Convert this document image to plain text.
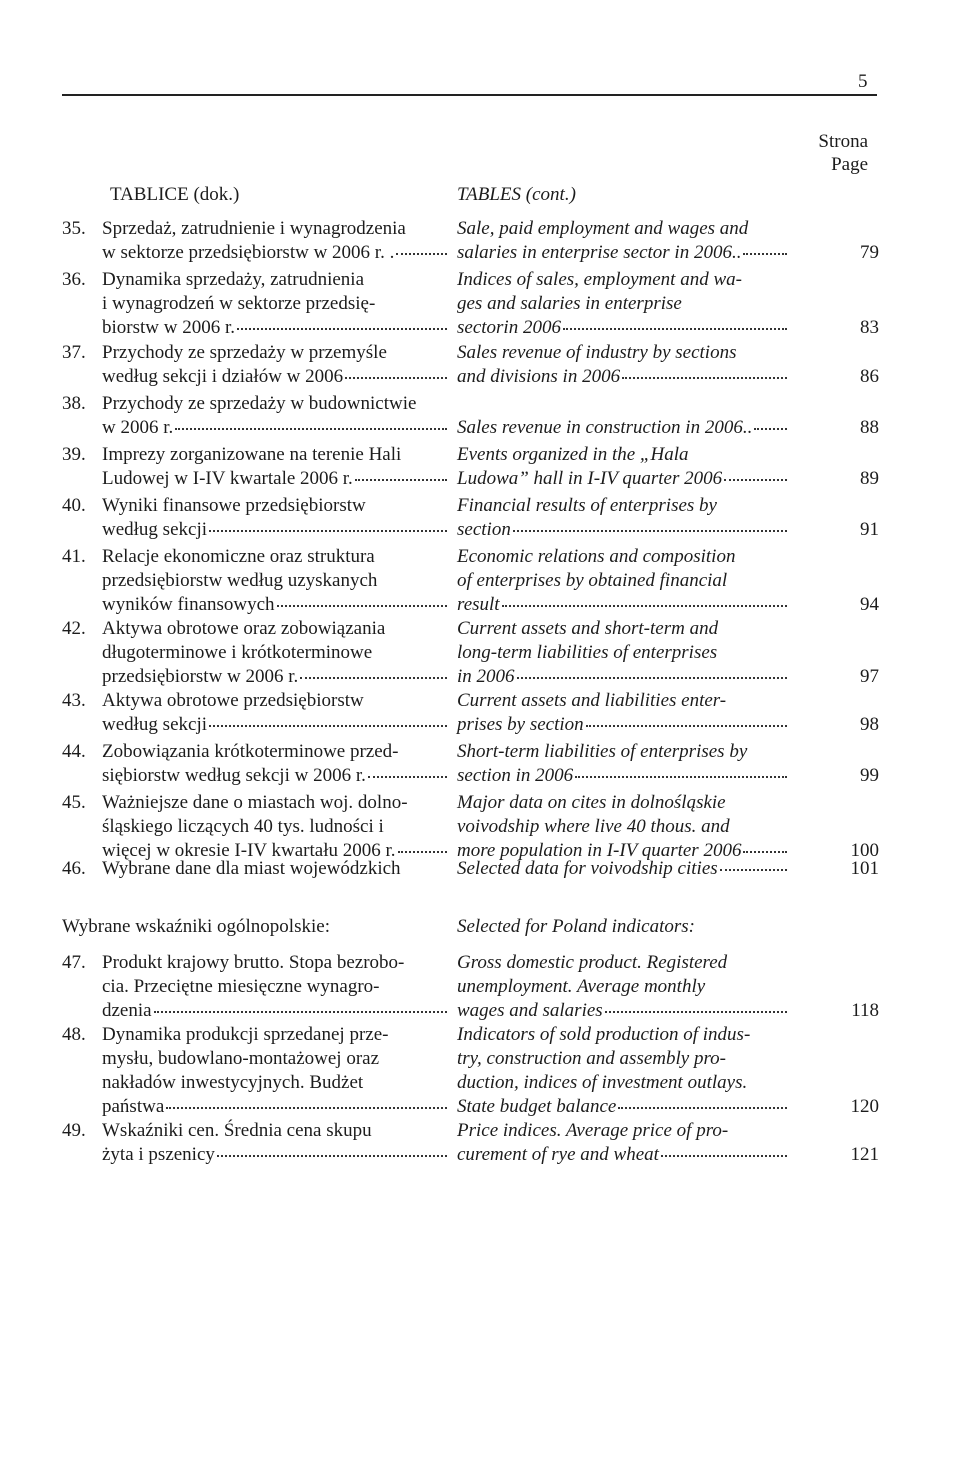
5
Strona
Page
TABLICE (dok.)	TABLES (cont.)
35. Sprzedaż, zatrudnienie i wynagrodzenia
w sektorze przedsiębiorstw w 2006 r. .
Sale, paid employment and wages and
salaries in enterprise sector in 2006..	79
36. Dynamika sprzedaży, zatrudnienia
i wynagrodzeń w sektorze przedsię-
biorstw w 2006 r.
Indices of sales, employment and wa-
ges and salaries in enterprise
sectorin 2006	83
37. Przychody ze sprzedaży w przemyśle
według sekcji i działów w 2006
Sales revenue of industry by sections
and divisions in 2006	86
38. Przychody ze sprzedaży w budownictwie
w 2006 r.	Sales revenue in construction in 2006..	88
39. Imprezy zorganizowane na terenie Hali
Ludowej w I-IV kwartale 2006 r.
Events organized in the „Hala
Ludowa” hall in I-IV quarter 2006	89
40. Wyniki finansowe przedsiębiorstw
według sekcji
Financial results of enterprises by
section	91
41. Relacje ekonomiczne oraz struktura
przedsiębiorstw według uzyskanych
wyników finansowych
Economic relations and composition
of enterprises by obtained financial
result	94
42. Aktywa obrotowe oraz zobowiązania
długoterminowe i krótkoterminowe
przedsiębiorstw w 2006 r.
Current assets and short-term and
long-term liabilities of enterprises
in 2006	97
43. Aktywa obrotowe przedsiębiorstw
według sekcji
Current assets and liabilities enter-
prises by section	98
44. Zobowiązania krótkoterminowe przed-
siębiorstw według sekcji w 2006 r.
Short-term liabilities of enterprises by
section in 2006	99
45. Ważniejsze dane o miastach woj. dolno-
śląskiego liczących 40 tys. ludności i
więcej w okresie I-IV kwartału 2006 r.
Major data on cites in dolnośląskie
voivodship where live 40 thous. and
more population in I-IV quarter 2006	100
46. Wybrane dane dla miast wojewódzkich	Selected data for voivodship cities	101
Wybrane wskaźniki ogólnopolskie:	Selected for Poland indicators:
47. Produkt krajowy brutto. Stopa bezrobo-
cia. Przeciętne miesięczne wynagro-
dzenia
Gross domestic product. Registered
unemployment. Average monthly
wages and salaries	118
48. Dynamika produkcji sprzedanej prze-
mysłu, budowlano-montażowej oraz
nakładów inwestycyjnych. Budżet
państwa
Indicators of sold production of indus-
try, construction and assembly pro-
duction, indices of investment outlays.
State budget balance	120
49. Wskaźniki cen. Średnia cena skupu
żyta i pszenicy
Price indices. Average price of pro-
curement of rye and wheat	121
